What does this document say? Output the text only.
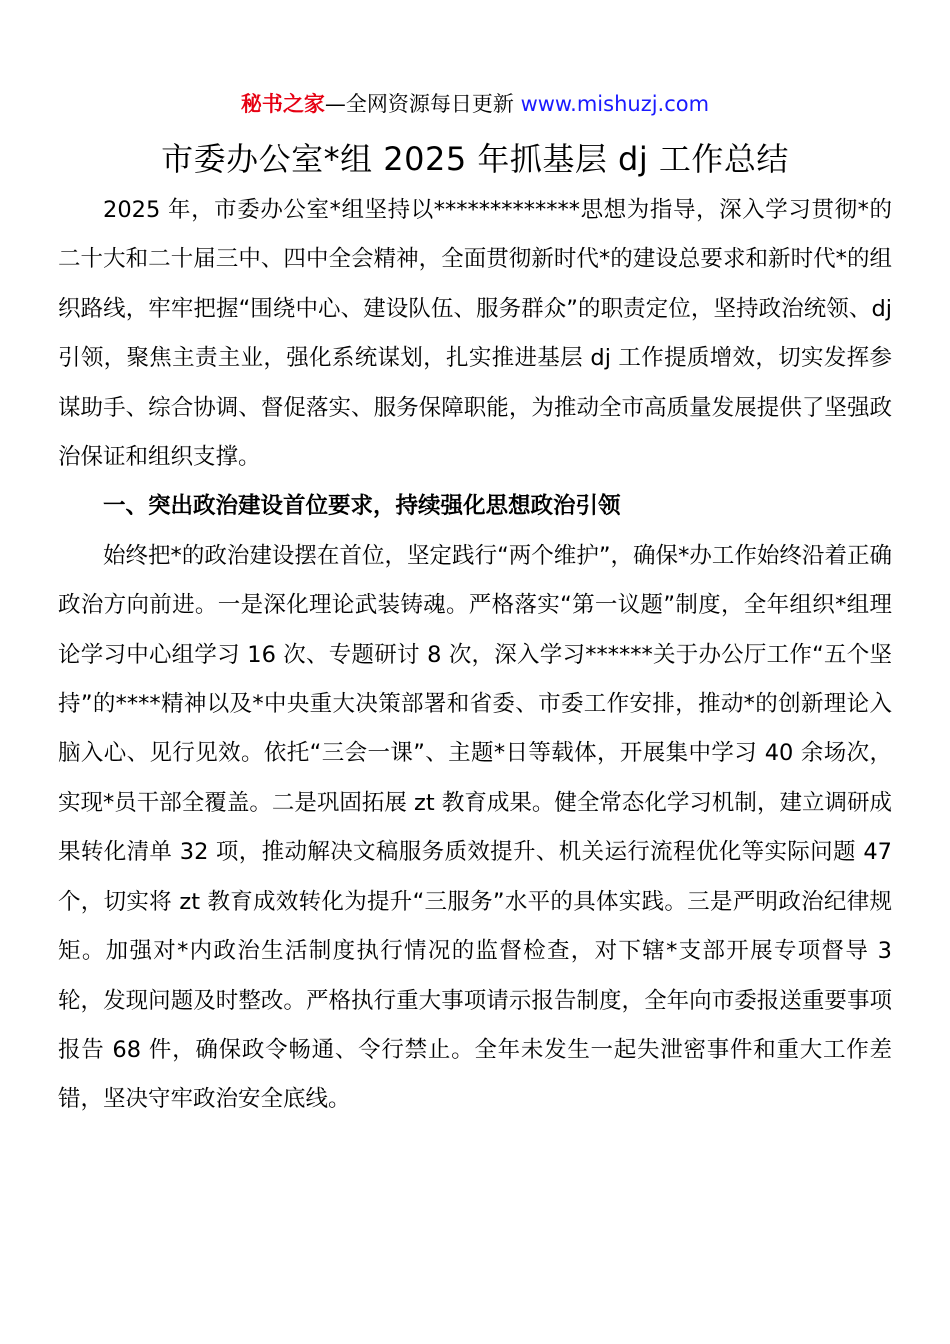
秘书之家—全网资源每日更新 www.mishuzj.com
市委办公室*组 2025 年抓基层 dj 工作总结

2025 年，市委办公室*组坚持以*************思想为指导，深入学习贯彻*的二十大和二十届三中、四中全会精神，全面贯彻新时代*的建设总要求和新时代*的组织路线，牢牢把握“围绕中心、建设队伍、服务群众”的职责定位，坚持政治统领、dj 引领，聚焦主责主业，强化系统谋划，扎实推进基层 dj 工作提质增效，切实发挥参谋助手、综合协调、督促落实、服务保障职能，为推动全市高质量发展提供了坚强政治保证和组织支撑。

一、突出政治建设首位要求，持续强化思想政治引领

始终把*的政治建设摆在首位，坚定践行“两个维护”，确保*办工作始终沿着正确政治方向前进。一是深化理论武装铸魂。严格落实“第一议题”制度，全年组织*组理论学习中心组学习 16 次、专题研讨 8 次，深入学习******关于办公厅工作“五个坚持”的****精神以及*中央重大决策部署和省委、市委工作安排，推动*的创新理论入脑入心、见行见效。依托“三会一课”、主题*日等载体，开展集中学习 40 余场次，实现*员干部全覆盖。二是巩固拓展 zt 教育成果。健全常态化学习机制，建立调研成果转化清单 32 项，推动解决文稿服务质效提升、机关运行流程优化等实际问题 47 个，切实将 zt 教育成效转化为提升“三服务”水平的具体实践。三是严明政治纪律规矩。加强对*内政治生活制度执行情况的监督检查，对下辖*支部开展专项督导 3 轮，发现问题及时整改。严格执行重大事项请示报告制度，全年向市委报送重要事项报告 68 件，确保政令畅通、令行禁止。全年未发生一起失泄密事件和重大工作差错，坚决守牢政治安全底线。
